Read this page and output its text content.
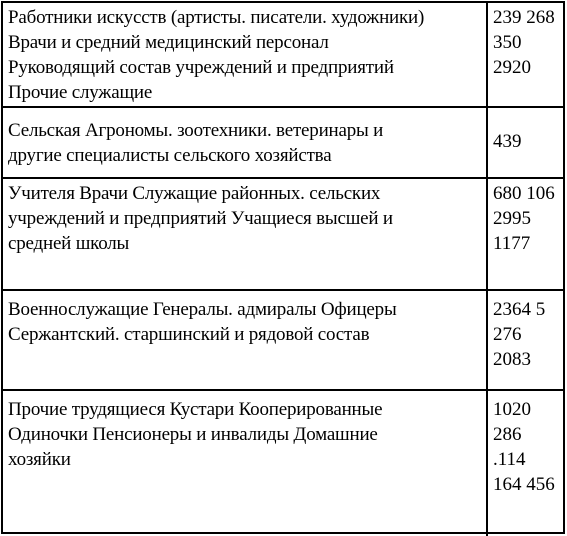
Работники искусств (артисты. писатели. художники)
Врачи и средний медицинский персонал
Руководящий состав учреждений и предприятий
Прочие служащие
239 268
350
2920
Сельская Агрономы. зоотехники. ветеринары и
другие специалисты сельского хозяйства
439
Учителя Врачи Служащие районных. сельских
учреждений и предприятий Учащиеся высшей и
средней школы
680 106
2995
1177
Военнослужащие Генералы. адмиралы Офицеры
Сержантский. старшинский и рядовой состав
2364 5
276
2083
Прочие трудящиеся Кустари Кооперированные
Одиночки Пенсионеры и инвалиды Домашние
хозяйки
1020
286
.114
164 456
